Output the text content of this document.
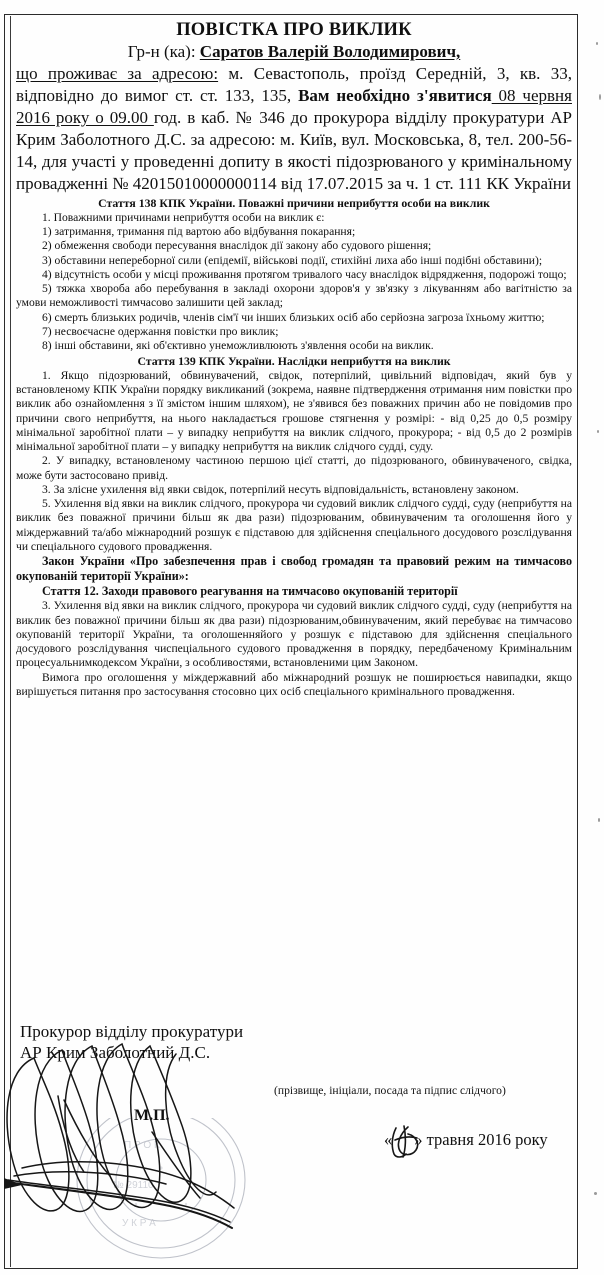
ПОВІСТКА ПРО ВИКЛИК
Гр-н (ка): Саратов Валерій Володимирович,

що проживає за адресою: м. Севастополь, проїзд Середній, 3, кв. 33, відповідно до вимог ст. ст. 133, 135, Вам необхідно з'явитися 08 червня 2016 року о 09.00 год. в каб. № 346 до прокурора відділу прокуратури АР Крим Заболотного Д.С. за адресою: м. Київ, вул. Московська, 8, тел. 200-56-14, для участі у проведенні допиту в якості підозрюваного у кримінальному провадженні № 42015010000000114 від 17.07.2015 за ч. 1 ст. 111 КК України

Стаття 138 КПК України. Поважні причини неприбуття особи на виклик

1. Поважними причинами неприбуття особи на виклик є:

1) затримання, тримання під вартою або відбування покарання;

2) обмеження свободи пересування внаслідок дії закону або судового рішення;

3) обставини непереборної сили (епідемії, військові події, стихійні лиха або інші подібні обставини);

4) відсутність особи у місці проживання протягом тривалого часу внаслідок відрядження, подорожі тощо;

5) тяжка хвороба або перебування в закладі охорони здоров'я у зв'язку з лікуванням або вагітністю за умови неможливості тимчасово залишити цей заклад;

6) смерть близьких родичів, членів сім'ї чи інших близьких осіб або серйозна загроза їхньому життю;

7) несвоєчасне одержання повістки про виклик;

8) інші обставини, які об'єктивно унеможливлюють з'явлення особи на виклик.

Стаття 139 КПК України. Наслідки неприбуття на виклик

1. Якщо підозрюваний, обвинувачений, свідок, потерпілий, цивільний відповідач, який був у встановленому КПК України порядку викликаний (зокрема, наявне підтвердження отримання ним повістки про виклик або ознайомлення з її змістом іншим шляхом), не з'явився без поважних причин або не повідомив про причини свого неприбуття, на нього накладається грошове стягнення у розмірі: - від 0,25 до 0,5 розміру мінімальної заробітної плати – у випадку неприбуття на виклик слідчого, прокурора; - від 0,5 до 2 розмірів мінімальної заробітної плати – у випадку неприбуття на виклик слідчого судді, суду.

2. У випадку, встановленому частиною першою цієї статті, до підозрюваного, обвинуваченого, свідка, може бути застосовано привід.

3. За злісне ухилення від явки свідок, потерпілий несуть відповідальність, встановлену законом.

5. Ухилення від явки на виклик слідчого, прокурора чи судовий виклик слідчого судді, суду (неприбуття на виклик без поважної причини більш як два рази) підозрюваним, обвинуваченим та оголошення його у міждержавний та/або міжнародний розшук є підставою для здійснення спеціального досудового розслідування чи спеціального судового провадження.

Закон України «Про забезпечення прав і свобод громадян та правовий режим на тимчасово окупованій території України»:

Стаття 12. Заходи правового реагування на тимчасово окупованій території

3. Ухилення від явки на виклик слідчого, прокурора чи судовий виклик слідчого судді, суду (неприбуття на виклик без поважної причини більш як два рази) підозрюваним,обвинуваченим, який перебуває на тимчасово окупованій території України, та оголошенняйого у розшук є підставою для здійснення спеціального досудового розслідування чиспеціального судового провадження в порядку, передбаченому Кримінальним процесуальнимкодексом України, з особливостями, встановленими цим Законом.

Вимога про оголошення у міждержавний або міжнародний розшук не поширюється навипадки, якщо вирішується питання про застосування стосовно цих осіб спеціального кримінального провадження.

Прокурор відділу прокуратури
АР Крим Заболотний Д.С.
(прізвище, ініціали, посада та підпис слідчого)
М.П.
« » травня 2016 року
П Р О К
№ 29110
У К Р А
